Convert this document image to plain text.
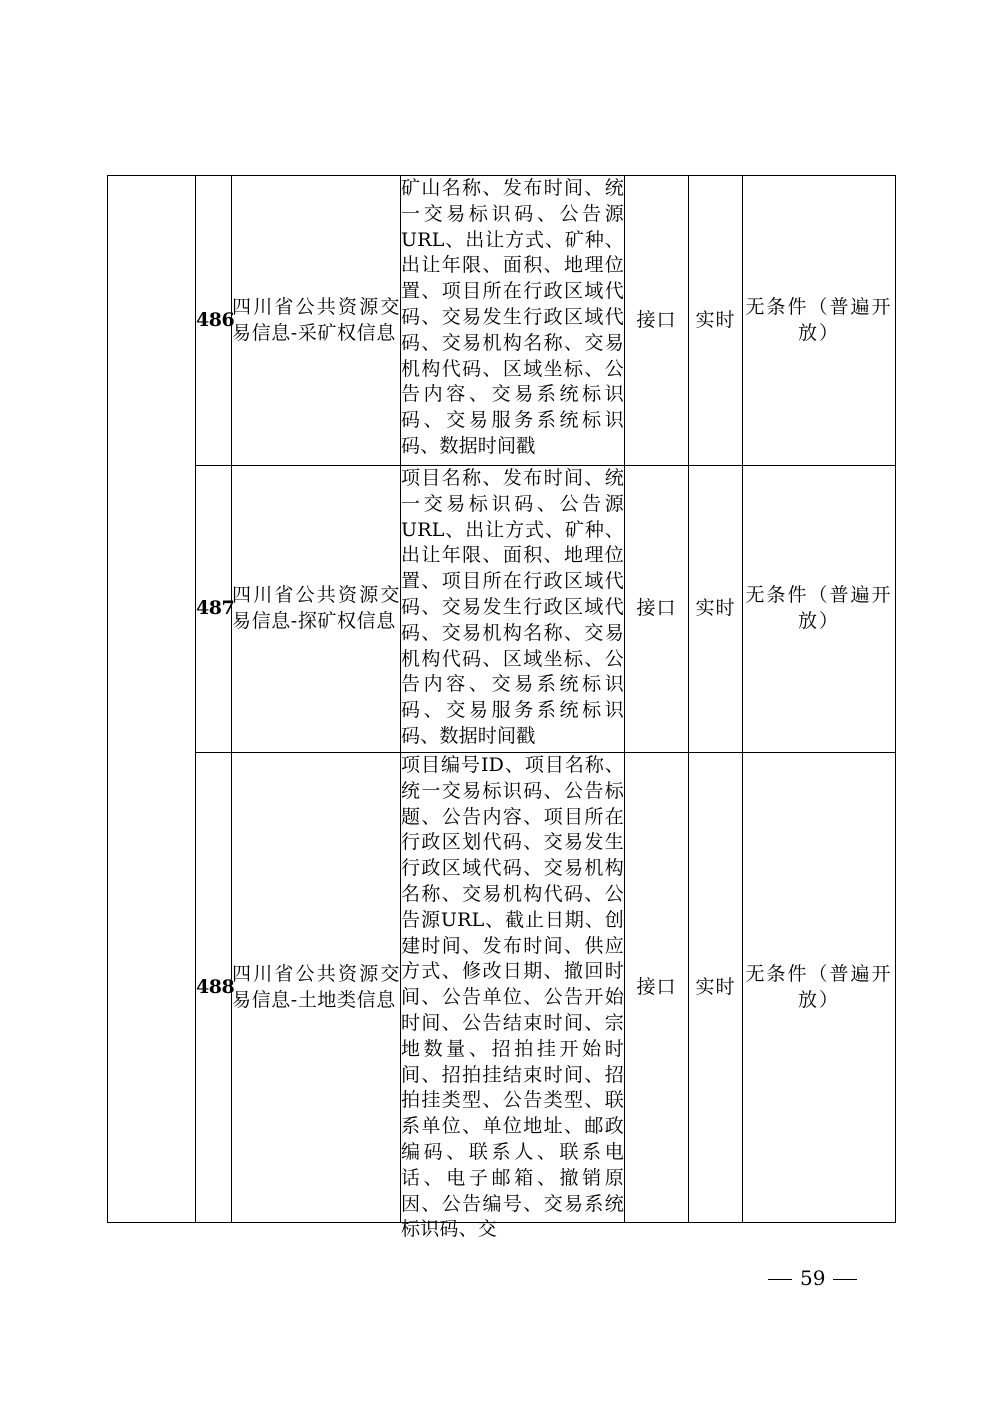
	486	四川省公共资源交易信息-采矿权信息	矿山名称、发布时间、统一交易标识码、公告源URL、出让方式、矿种、出让年限、面积、地理位置、项目所在行政区域代码、交易发生行政区域代码、交易机构名称、交易机构代码、区域坐标、公告内容、交易系统标识码、交易服务系统标识码、数据时间戳	接口	实时	无条件（普遍开放）
	487	四川省公共资源交易信息-探矿权信息	项目名称、发布时间、统一交易标识码、公告源URL、出让方式、矿种、出让年限、面积、地理位置、项目所在行政区域代码、交易发生行政区域代码、交易机构名称、交易机构代码、区域坐标、公告内容、交易系统标识码、交易服务系统标识码、数据时间戳	接口	实时	无条件（普遍开放）
	488	四川省公共资源交易信息-土地类信息	项目编号ID、项目名称、统一交易标识码、公告标题、公告内容、项目所在行政区划代码、交易发生行政区域代码、交易机构名称、交易机构代码、公告源URL、截止日期、创建时间、发布时间、供应方式、修改日期、撤回时间、公告单位、公告开始时间、公告结束时间、宗地数量、招拍挂开始时间、招拍挂结束时间、招拍挂类型、公告类型、联系单位、单位地址、邮政编码、联系人、联系电话、电子邮箱、撤销原因、公告编号、交易系统标识码、交	接口	实时	无条件（普遍开放）
59
